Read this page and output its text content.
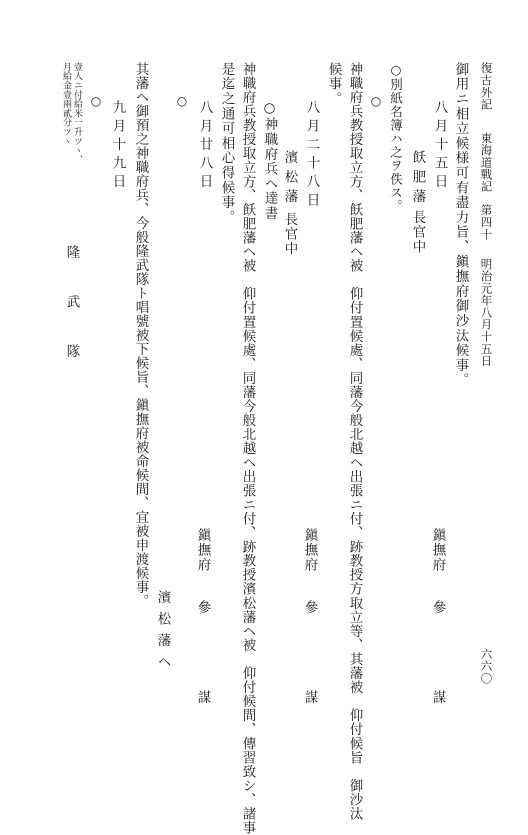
復古外記
東海道戰記
第四十
明治元年八月十五日
六六〇
御用ニ相立候様可有盡力旨、鎭撫府御沙汰候事。
八月十五日
鎭撫府
參
謀
飫肥藩
長官中
○別紙名簿ハ之ヲ佚ス。
○
神職府兵教授取立方、飫肥藩ヘ被　仰付置候處、同藩今般北越ヘ出張ニ付、跡教授方取立等、其藩被　仰付候旨　御沙汰
候事。
八月二十八日
鎭撫府
參
謀
濱松藩
長官中
○神職府兵ヘ達書
神職府兵教授取立方、飫肥藩ヘ被　仰付置候處、同藩今般北越ヘ出張ニ付、跡教授濱松藩ヘ被　仰付候間、傳習致シ、諸事
是迄之通可相心得候事。
八月廿八日
鎭撫府
參
謀
○
濱松藩ヘ
其藩ヘ御預之神職府兵、今般隆武隊ト唱號被下候旨、鎭撫府被命候間、宜被申渡候事。
九月十九日
○
壹人ニ付給米一升ツヽ、
月給金壹兩貳分ツヽ
隆武隊
